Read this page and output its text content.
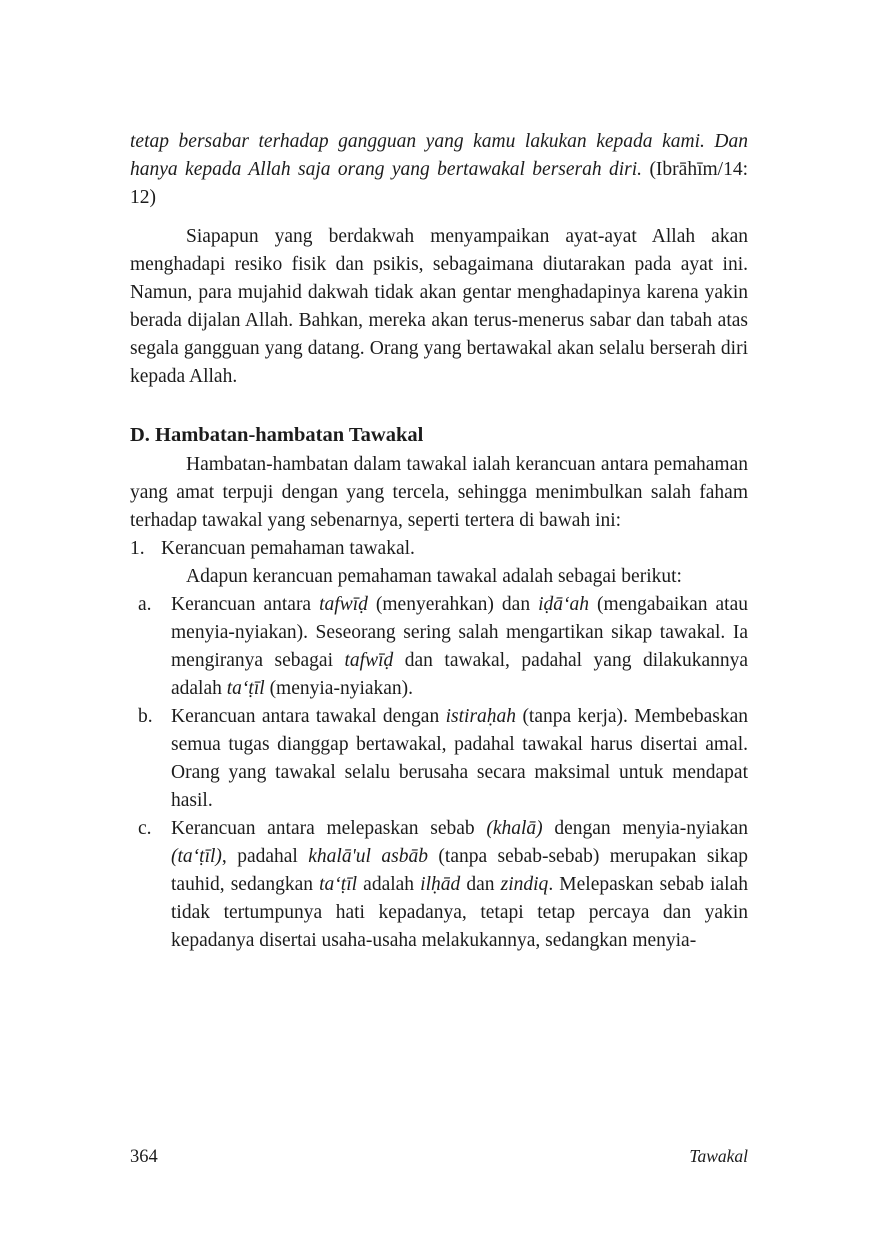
tetap bersabar terhadap gangguan yang kamu lakukan kepada kami. Dan hanya kepada Allah saja orang yang bertawakal berserah diri. (Ibrāhīm/14: 12)

Siapapun yang berdakwah menyampaikan ayat-ayat Allah akan menghadapi resiko fisik dan psikis, sebagaimana diutarakan pada ayat ini. Namun, para mujahid dakwah tidak akan gentar menghadapinya karena yakin berada dijalan Allah. Bahkan, mereka akan terus-menerus sabar dan tabah atas segala gangguan yang datang. Orang yang bertawakal akan selalu berserah diri kepada Allah.

D. Hambatan-hambatan Tawakal

Hambatan-hambatan dalam tawakal ialah kerancuan antara pemahaman yang amat terpuji dengan yang tercela, sehingga menimbulkan salah faham terhadap tawakal yang sebenarnya, seperti tertera di bawah ini:

1. Kerancuan pemahaman tawakal.

Adapun kerancuan pemahaman tawakal adalah sebagai berikut:

a. Kerancuan antara tafwīḍ (menyerahkan) dan iḍā‘ah (mengabaikan atau menyia-nyiakan). Seseorang sering salah mengartikan sikap tawakal. Ia mengiranya sebagai tafwīḍ dan tawakal, padahal yang dilakukannya adalah ta‘ṭīl (menyia-nyiakan).
b. Kerancuan antara tawakal dengan istiraḥah (tanpa kerja). Membebaskan semua tugas dianggap bertawakal, padahal tawakal harus disertai amal. Orang yang tawakal selalu berusaha secara maksimal untuk mendapat hasil.
c. Kerancuan antara melepaskan sebab (khalā) dengan menyia-nyiakan (ta‘ṭīl), padahal khalā'ul asbāb (tanpa sebab-sebab) merupakan sikap tauhid, sedangkan ta‘ṭīl adalah ilḥād dan zindiq. Melepaskan sebab ialah tidak tertumpunya hati kepadanya, tetapi tetap percaya dan yakin kepadanya disertai usaha-usaha melakukannya, sedangkan menyia-
364	Tawakal
